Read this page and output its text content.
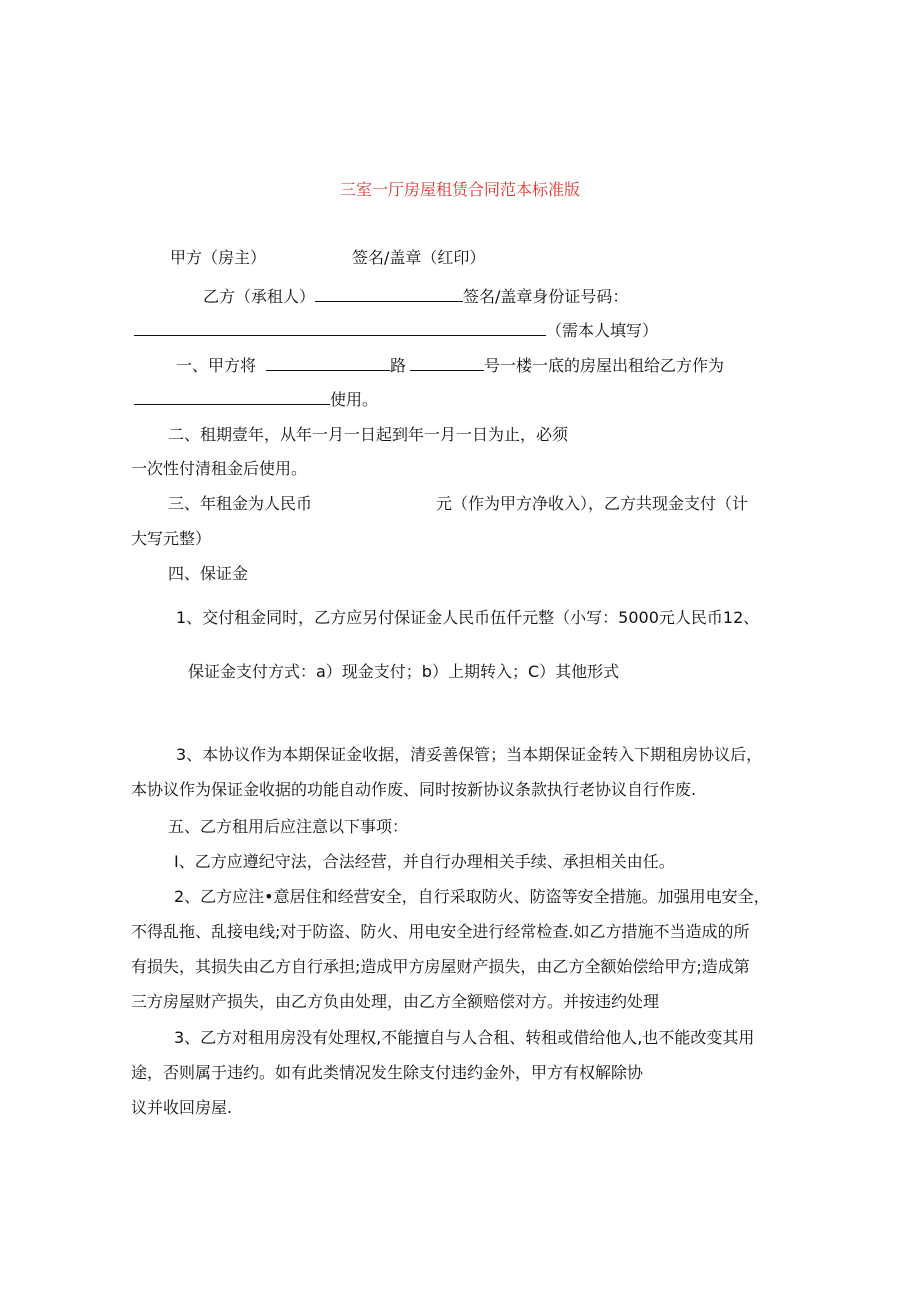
三室一厅房屋租赁合同范本标准版
甲方（房主）	签名/盖章（红印）
乙方（承租人）	签名/盖章身份证号码：
（需本人填写）
一、甲方将	路	号一楼一底的房屋出租给乙方作为
使用。
二、租期壹年，从年一月一日起到年一月一日为止，必须
一次性付清租金后使用。
三、年租金为人民币	元（作为甲方净收入），乙方共现金支付（计
大写元整）
四、保证金
1、交付租金同时，乙方应另付保证金人民币伍仟元整（小写：5000元人民币12、
保证金支付方式：a）现金支付；b）上期转入；C）其他形式
3、本协议作为本期保证金收据，清妥善保管；当本期保证金转入下期租房协议后，
本协议作为保证金收据的功能自动作废、同时按新协议条款执行老协议自行作废.
五、乙方租用后应注意以下事项：
I、乙方应遵纪守法，合法经营，并自行办理相关手续、承担相关由任。
2、乙方应注•意居住和经营安全，自行采取防火、防盗等安全措施。加强用电安全，
不得乱拖、乱接电线;对于防盗、防火、用电安全进行经常检查.如乙方措施不当造成的所
有损失，其损失由乙方自行承担;造成甲方房屋财产损失，由乙方全额始偿给甲方;造成第
三方房屋财产损失，由乙方负由处理，由乙方全额赔偿对方。并按违约处理
3、乙方对租用房没有处理权,不能擅自与人合租、转租或借给他人,也不能改变其用
途，否则属于违约。如有此类情况发生除支付违约金外，甲方有权解除协
议并收回房屋.
